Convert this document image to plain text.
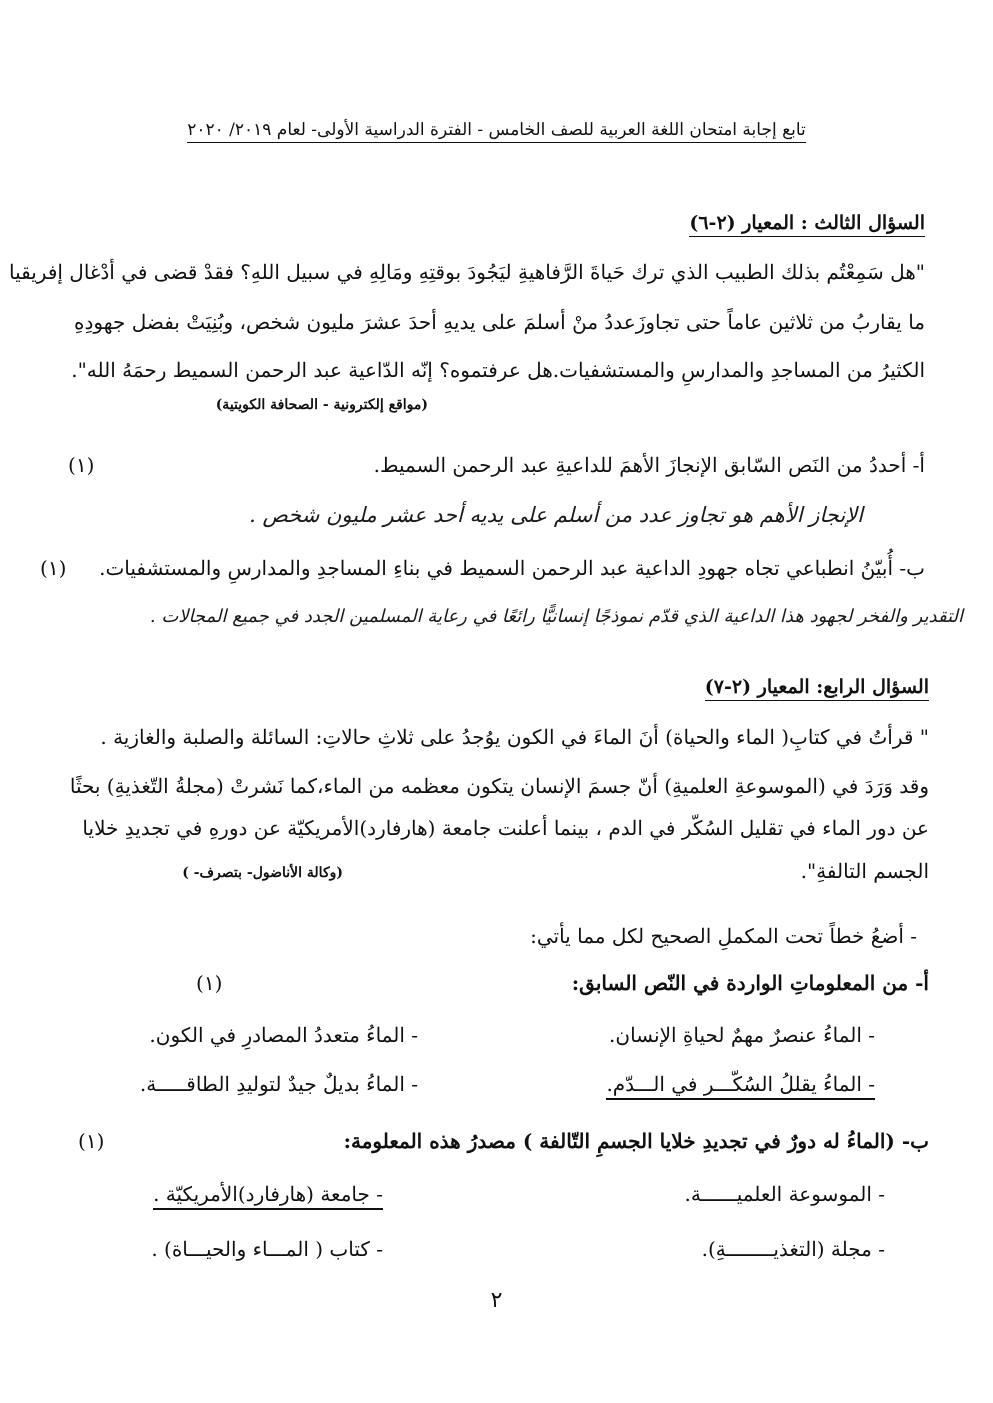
تابع إجابة امتحان اللغة العربية للصف الخامس - الفترة الدراسية الأولى- لعام ٢٠١٩/ ٢٠٢٠
السؤال الثالث : المعيار (٢-٦)
"هل سَمِعْتُم بذلك الطبيب الذي ترك حَياةَ الرَّفاهيةِ ليَجُودَ بوقتِهِ ومَالِهِ في سبيل اللهِ؟ فقدْ قضى في أدْغال إفريقيا
ما يقاربُ من ثلاثين عاماً حتى تجاوزَعددُ منْ أسلمَ على يديهِ أحدَ عشرَ مليون شخص، وبُنِيَتْ بفضل جهودِهِ
الكثيرُ من المساجدِ والمدارسِ والمستشفيات.هل عرفتموه؟ إنّه الدّاعية عبد الرحمن السميط رحمَهُ الله".
(مواقع إلكترونية - الصحافة الكويتية)
أ- أحددُ من النَص السّابق الإنجازَ الأهمَ للداعيةِ عبد الرحمن السميط.
(١)
الإنجاز الأهم هو تجاوز عدد من أسلم على يديه أحد عشر مليون شخص .
ب- أُبيّنُ انطباعي تجاه جهودِ الداعية عبد الرحمن السميط في بناءِ المساجدِ والمدارسِ والمستشفيات.
(١)
التقدير والفخر لجهود هذا الداعية الذي قدّم نموذجًا إنسانيًّا رائعًا في رعاية المسلمين الجدد في جميع المجالات .
السؤال الرابع: المعيار (٢-٧)
" قرأتُ في كتابِ( الماء والحياة) أنَ الماءَ في الكون يوُجدُ على ثلاثِ حالاتِ: السائلة والصلبة والغازية .
وقد وَرَدَ في (الموسوعةِ العلميةِ) أنّ جسمَ الإنسان يتكون معظمه من الماء،كما نَشرتْ (مجلةُ التّغذيةِ) بحثًا
عن دور الماء في تقليل السُكّر في الدم ، بينما أعلنت جامعة (هارفارد)الأمريكيّة عن دورهِ في تجديدِ خلايا
الجسم التالفةِ".
(وكالة الأناضول- بتصرف- )
- أضعُ خطاً تحت المكملِ الصحيح لكل مما يأتي:
أ- من المعلوماتِ الواردة في النّص السابق:
(١)
- الماءُ عنصرٌ مهمٌ لحياةِ الإنسان.
- الماءُ متعددُ المصادرِ في الكون.
- الماءُ يقللُ السُكّـــر في الـــدّم.
- الماءُ بديلٌ جيدٌ لتوليدِ الطاقـــــة.
ب- (الماءُ له دورٌ في تجديدِ خلايا الجسمِ التّالفة ) مصدرُ هذه المعلومة:
(١)
- الموسوعة العلميــــــة.
- جامعة (هارفارد)الأمريكيّة .
- مجلة (التغذيــــــــةِ).
- كتاب ( المـــاء والحيـــاة) .
٢
